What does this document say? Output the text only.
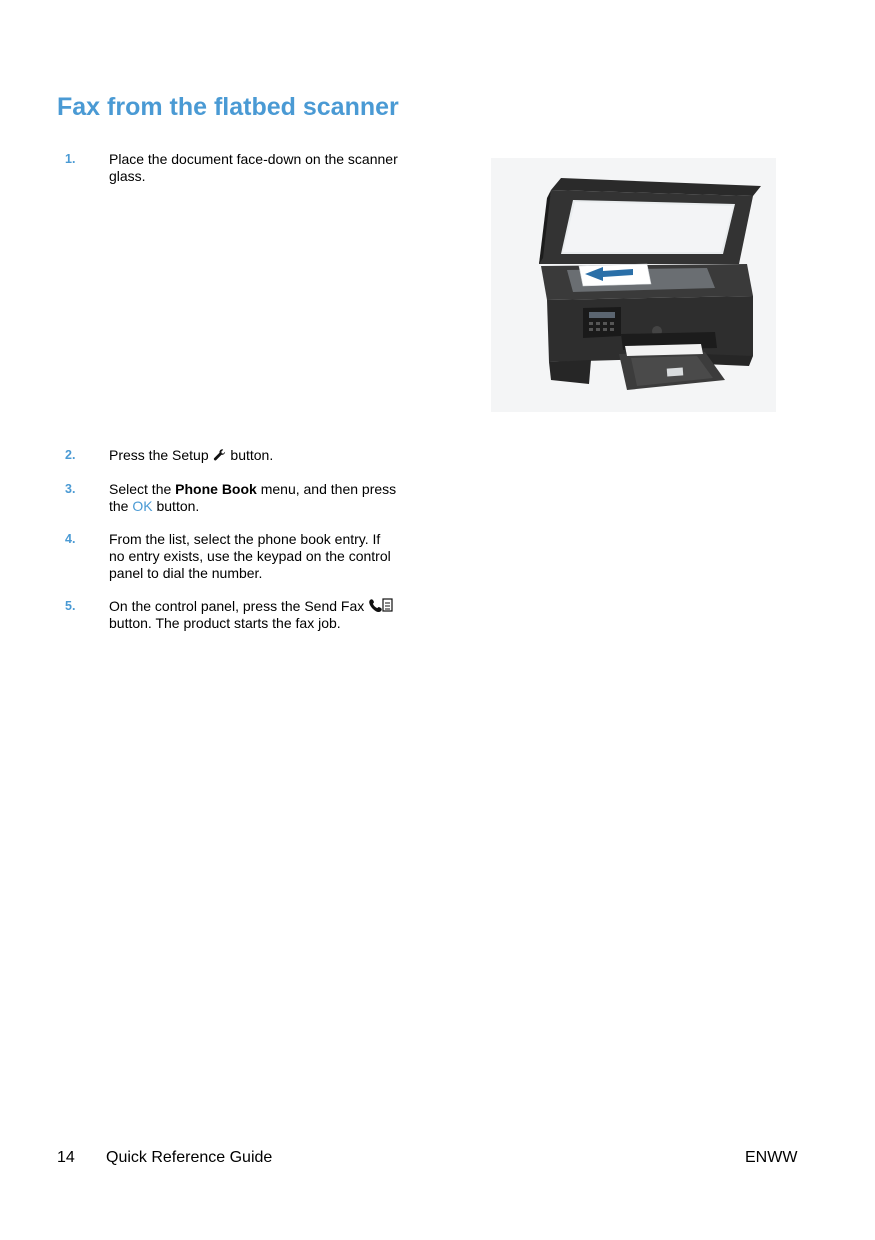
Fax from the flatbed scanner
1. Place the document face-down on the scanner glass.
2. Press the Setup button.
3. Select the Phone Book menu, and then press the OK button.
4. From the list, select the phone book entry. If no entry exists, use the keypad on the control panel to dial the number.
5. On the control panel, press the Send Fax  button. The product starts the fax job.
14 Quick Reference Guide	ENWW
